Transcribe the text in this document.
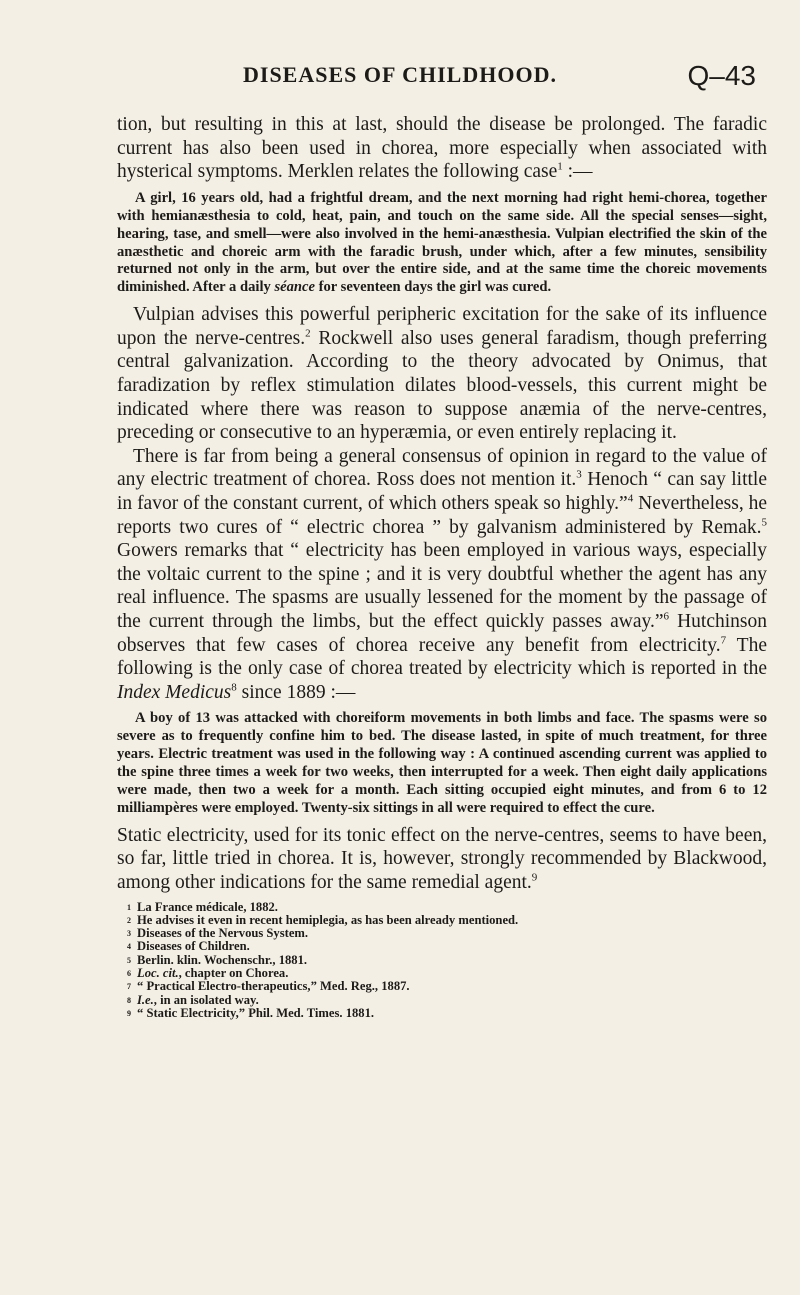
DISEASES OF CHILDHOOD.	Q–43

tion, but resulting in this at last, should the disease be prolonged. The faradic current has also been used in chorea, more especially when associated with hysterical symptoms. Merklen relates the following case$^1$ :—

A girl, 16 years old, had a frightful dream, and the next morning had right hemi-chorea, together with hemianæsthesia to cold, heat, pain, and touch on the same side. All the special senses—sight, hearing, tase, and smell—were also involved in the hemi-anæsthesia. Vulpian electrified the skin of the anæsthetic and choreic arm with the faradic brush, under which, after a few minutes, sensibility returned not only in the arm, but over the entire side, and at the same time the choreic movements diminished. After a daily séance for seventeen days the girl was cured.

Vulpian advises this powerful peripheric excitation for the sake of its influence upon the nerve-centres.$^2$ Rockwell also uses general faradism, though preferring central galvanization. According to the theory advocated by Onimus, that faradization by reflex stimulation dilates blood-vessels, this current might be indicated where there was reason to suppose anæmia of the nerve-centres, preceding or consecutive to an hyperæmia, or even entirely replacing it.

There is far from being a general consensus of opinion in regard to the value of any electric treatment of chorea. Ross does not mention it.$^3$ Henoch “ can say little in favor of the constant current, of which others speak so highly.”$^4$ Nevertheless, he reports two cures of “ electric chorea ” by galvanism administered by Remak.$^5$ Gowers remarks that “ electricity has been employed in various ways, especially the voltaic current to the spine ; and it is very doubtful whether the agent has any real influence. The spasms are usually lessened for the moment by the passage of the current through the limbs, but the effect quickly passes away.”$^6$ Hutchinson observes that few cases of chorea receive any benefit from electricity.$^7$ The following is the only case of chorea treated by electricity which is reported in the Index Medicus$^8$ since 1889 :—

A boy of 13 was attacked with choreiform movements in both limbs and face. The spasms were so severe as to frequently confine him to bed. The disease lasted, in spite of much treatment, for three years. Electric treatment was used in the following way : A continued ascending current was applied to the spine three times a week for two weeks, then interrupted for a week. Then eight daily applications were made, then two a week for a month. Each sitting occupied eight minutes, and from 6 to 12 milliampères were employed. Twenty-six sittings in all were required to effect the cure.

Static electricity, used for its tonic effect on the nerve-centres, seems to have been, so far, little tried in chorea. It is, however, strongly recommended by Blackwood, among other indications for the same remedial agent.$^9$

1 La France médicale, 1882.
2 He advises it even in recent hemiplegia, as has been already mentioned.
3 Diseases of the Nervous System.
4 Diseases of Children.
5 Berlin. klin. Wochenschr., 1881.
6 Loc. cit., chapter on Chorea.
7 “ Practical Electro-therapeutics,” Med. Reg., 1887.
8 I.e., in an isolated way.
9 “ Static Electricity,” Phil. Med. Times. 1881.
